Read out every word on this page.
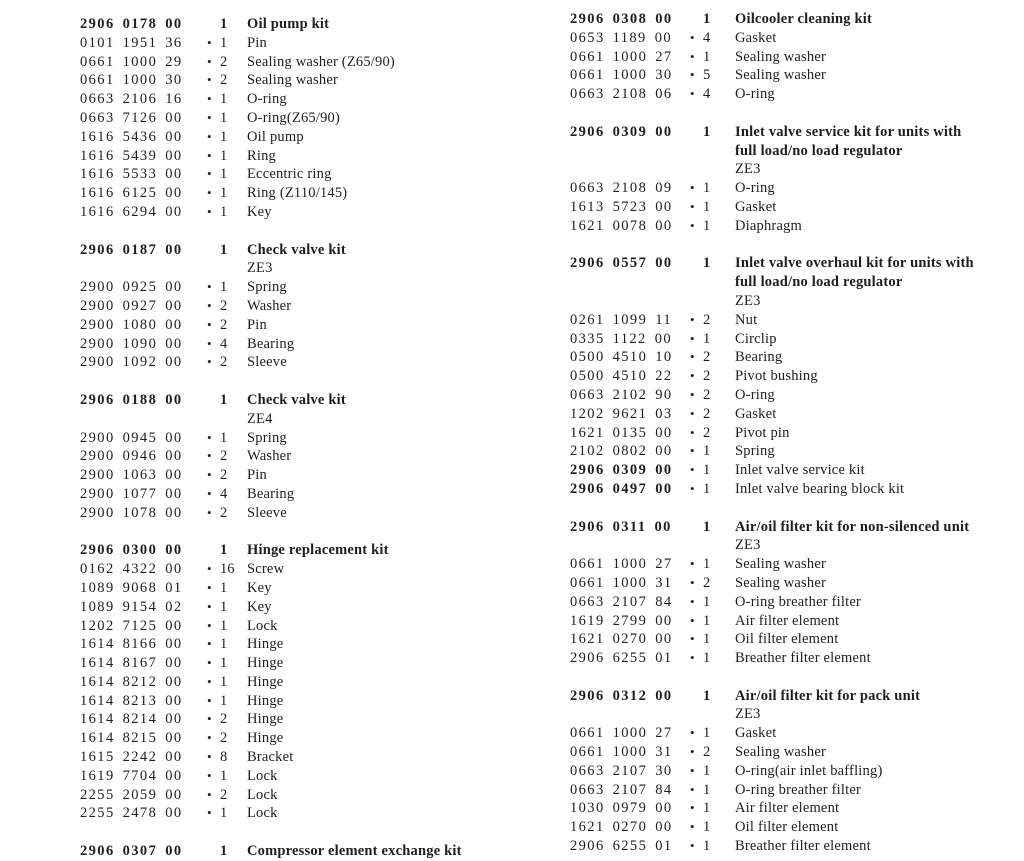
2906 0178 00	1 Oil pump kit
0101 1951 36	• 1 Pin
0661 1000 29	• 2 Sealing washer (Z65/90)
0661 1000 30	• 2 Sealing washer
0663 2106 16	• 1 O-ring
0663 7126 00	• 1 O-ring(Z65/90)
1616 5436 00	• 1 Oil pump
1616 5439 00	• 1 Ring
1616 5533 00	• 1 Eccentric ring
1616 6125 00	• 1 Ring (Z110/145)
1616 6294 00	• 1 Key
2906 0187 00	1 Check valve kit
ZE3
2900 0925 00	• 1 Spring
2900 0927 00	• 2 Washer
2900 1080 00	• 2 Pin
2900 1090 00	• 4 Bearing
2900 1092 00	• 2 Sleeve
2906 0188 00	1 Check valve kit
ZE4
2900 0945 00	• 1 Spring
2900 0946 00	• 2 Washer
2900 1063 00	• 2 Pin
2900 1077 00	• 4 Bearing
2900 1078 00	• 2 Sleeve
2906 0300 00	1 Hinge replacement kit
0162 4322 00	• 16 Screw
1089 9068 01	• 1 Key
1089 9154 02	• 1 Key
1202 7125 00	• 1 Lock
1614 8166 00	• 1 Hinge
1614 8167 00	• 1 Hinge
1614 8212 00	• 1 Hinge
1614 8213 00	• 1 Hinge
1614 8214 00	• 2 Hinge
1614 8215 00	• 2 Hinge
1615 2242 00	• 8 Bracket
1619 7704 00	• 1 Lock
2255 2059 00	• 2 Lock
2255 2478 00	• 1 Lock
2906 0307 00	1 Compressor element exchange kit
2906 0308 00	1 Oilcooler cleaning kit
0653 1189 00	• 4 Gasket
0661 1000 27	• 1 Sealing washer
0661 1000 30	• 5 Sealing washer
0663 2108 06	• 4 O-ring
2906 0309 00	1 Inlet valve service kit for units with
full load/no load regulator
ZE3
0663 2108 09	• 1 O-ring
1613 5723 00	• 1 Gasket
1621 0078 00	• 1 Diaphragm
2906 0557 00	1 Inlet valve overhaul kit for units with
full load/no load regulator
ZE3
0261 1099 11	• 2 Nut
0335 1122 00	• 1 Circlip
0500 4510 10	• 2 Bearing
0500 4510 22	• 2 Pivot bushing
0663 2102 90	• 2 O-ring
1202 9621 03	• 2 Gasket
1621 0135 00	• 2 Pivot pin
2102 0802 00	• 1 Spring
2906 0309 00	• 1 Inlet valve service kit
2906 0497 00	• 1 Inlet valve bearing block kit
2906 0311 00	1 Air/oil filter kit for non-silenced unit
ZE3
0661 1000 27	• 1 Sealing washer
0661 1000 31	• 2 Sealing washer
0663 2107 84	• 1 O-ring breather filter
1619 2799 00	• 1 Air filter element
1621 0270 00	• 1 Oil filter element
2906 6255 01	• 1 Breather filter element
2906 0312 00	1 Air/oil filter kit for pack unit
ZE3
0661 1000 27	• 1 Gasket
0661 1000 31	• 2 Sealing washer
0663 2107 30	• 1 O-ring(air inlet baffling)
0663 2107 84	• 1 O-ring breather filter
1030 0979 00	• 1 Air filter element
1621 0270 00	• 1 Oil filter element
2906 6255 01	• 1 Breather filter element
